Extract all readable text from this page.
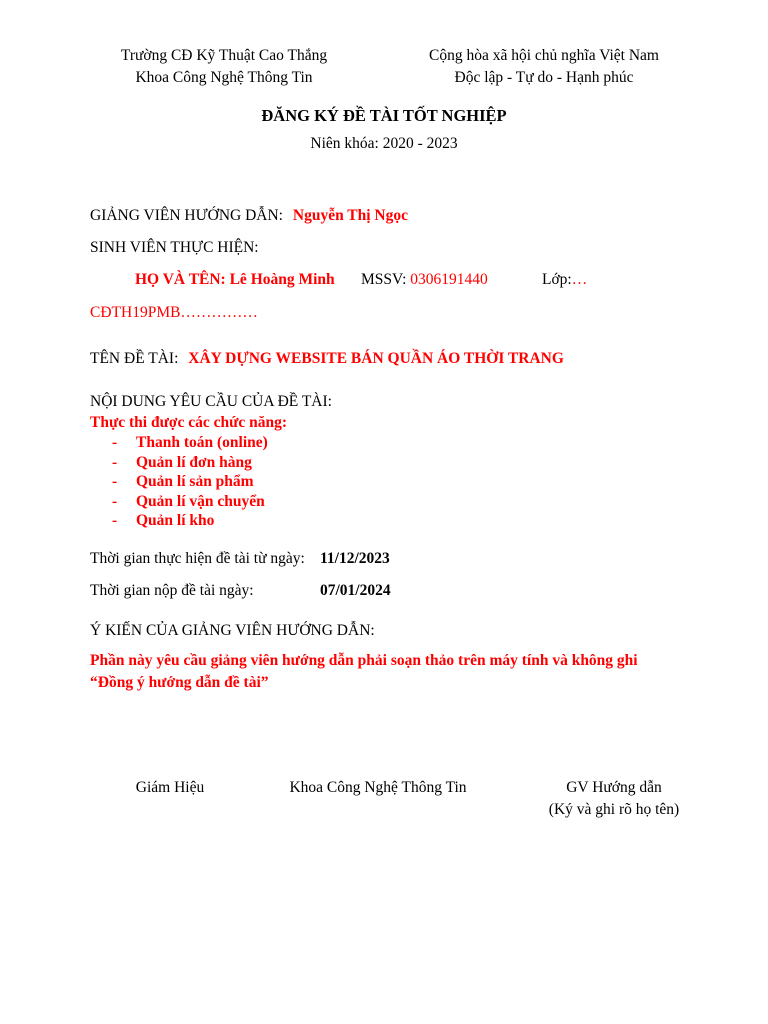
Trường CĐ Kỹ Thuật Cao Thắng
Khoa Công Nghệ Thông Tin
Cộng hòa xã hội chủ nghĩa Việt Nam
Độc lập - Tự do - Hạnh phúc
ĐĂNG KÝ ĐỀ TÀI TỐT NGHIỆP
Niên khóa: 2020 - 2023
GIẢNG VIÊN HƯỚNG DẪN: Nguyễn Thị Ngọc
SINH VIÊN THỰC HIỆN:
HỌ VÀ TÊN: Lê Hoàng Minh MSSV: 0306191440	Lớp:…
CĐTH19PMB……………
TÊN ĐỀ TÀI: XÂY DỰNG WEBSITE BÁN QUẦN ÁO THỜI TRANG
NỘI DUNG YÊU CẦU CỦA ĐỀ TÀI:
Thực thi được các chức năng:
-	Thanh toán (online)
-	Quản lí đơn hàng
-	Quản lí sản phẩm
-	Quản lí vận chuyển
-	Quản lí kho
Thời gian thực hiện đề tài từ ngày: 11/12/2023
Thời gian nộp đề tài ngày:	07/01/2024
Ý KIẾN CỦA GIẢNG VIÊN HƯỚNG DẪN:
Phần này yêu cầu giảng viên hướng dẫn phải soạn thảo trên máy tính và không ghi
“Đồng ý hướng dẫn đề tài”
Giám Hiệu	Khoa Công Nghệ Thông Tin	GV Hướng dẫn
(Ký và ghi rõ họ tên)
